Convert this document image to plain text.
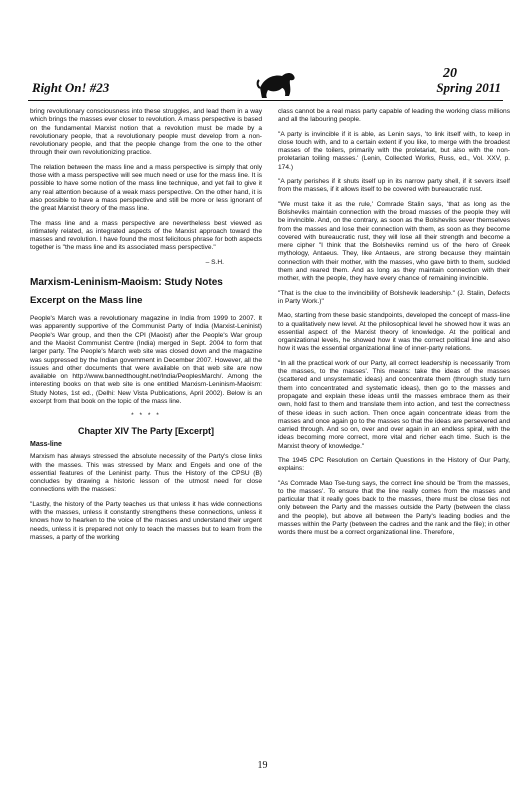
Right On! #23
20
Spring 2011

bring revolutionary consciousness into these struggles, and lead them in a way which brings the masses ever closer to revolution. A mass perspective is based on the fundamental Marxist notion that a revolution must be made by a revolutionary people, that a revolutionary people must develop from a non-revolutionary people, and that the people change from the one to the other through their own revolutionizing practice.

The relation between the mass line and a mass perspective is simply that only those with a mass perspective will see much need or use for the mass line. It is possible to have some notion of the mass line technique, and yet fail to give it any real attention because of a weak mass perspective. On the other hand, it is also possible to have a mass perspective and still be more or less ignorant of the great Marxist theory of the mass line.

The mass line and a mass perspective are nevertheless best viewed as intimately related, as integrated aspects of the Marxist approach toward the masses and revolution. I have found the most felicitous phrase for both aspects together is "the mass line and its associated mass perspective."

– S.H.
Marxism-Leninism-Maoism: Study Notes
Excerpt on the Mass line

People's March was a revolutionary magazine in India from 1999 to 2007. It was apparently supportive of the Communist Party of India (Marxist-Leninist) People's War group, and then the CPI (Maoist) after the People's War group and the Maoist Communist Centre (India) merged in Sept. 2004 to form that larger party. The People's March web site was closed down and the magazine was suppressed by the Indian government in December 2007. However, all the issues and other documents that were available on that web site are now available on http://www.bannedthought.net/India/PeoplesMarch/. Among the interesting books on that web site is one entitled Marxism-Leninism-Maoism: Study Notes, 1st ed., (Delhi: New Vista Publications, April 2002). Below is an excerpt from that book on the topic of the mass line.

* * * *
Chapter XIV The Party [Excerpt]
Mass-line

Marxism has always stressed the absolute necessity of the Party's close links with the masses. This was stressed by Marx and Engels and one of the essential features of the Leninist party. Thus the History of the CPSU (B) concludes by drawing a historic lesson of the utmost need for close connections with the masses:

"Lastly, the history of the Party teaches us that unless it has wide connections with the masses, unless it constantly strengthens these connections, unless it knows how to hearken to the voice of the masses and understand their urgent needs, unless it is prepared not only to teach the masses but to learn from the masses, a party of the working

class cannot be a real mass party capable of leading the working class millions and all the labouring people.

"A party is invincible if it is able, as Lenin says, 'to link itself with, to keep in close touch with, and to a certain extent if you like, to merge with the broadest masses of the toilers, primarily with the proletariat, but also with the non-proletarian toiling masses.' (Lenin, Collected Works, Russ, ed., Vol. XXV, p. 174.)

"A party perishes if it shuts itself up in its narrow party shell, if it severs itself from the masses, if it allows itself to be covered with bureaucratic rust.

"We must take it as the rule,' Comrade Stalin says, 'that as long as the Bolsheviks maintain connection with the broad masses of the people they will be invincible. And, on the contrary, as soon as the Bolsheviks sever themselves from the masses and lose their connection with them, as soon as they become covered with bureaucratic rust, they will lose all their strength and become a mere cipher "I think that the Bolsheviks remind us of the hero of Greek mythology, Antaeus. They, like Antaeus, are strong because they maintain connection with their mother, with the masses, who gave birth to them, suckled them and reared them. And as long as they maintain connection with their mother, with the people, they have every chance of remaining invincible.

"That is the clue to the invincibility of Bolshevik leadership." (J. Stalin, Defects in Party Work.)"

Mao, starting from these basic standpoints, developed the concept of mass-line to a qualitatively new level. At the philosophical level he showed how it was an essential aspect of the Marxist theory of knowledge. At the political and organizational levels, he showed how it was the correct political line and also how it was the essential organizational line of inner-party relations.

"In all the practical work of our Party, all correct leadership is necessarily 'from the masses, to the masses'. This means: take the ideas of the masses (scattered and unsystematic ideas) and concentrate them (through study turn them into concentrated and systematic ideas), then go to the masses and propagate and explain these ideas until the masses embrace them as their own, hold fast to them and translate them into action, and test the correctness of these ideas in such action. Then once again concentrate ideas from the masses and once again go to the masses so that the ideas are persevered and carried through. And so on, over and over again in an endless spiral, with the ideas becoming more correct, more vital and richer each time. Such is the Marxist theory of knowledge."

The 1945 CPC Resolution on Certain Questions in the History of Our Party, explains:

"As Comrade Mao Tse-tung says, the correct line should be 'from the masses, to the masses'. To ensure that the line really comes from the masses and particular that it really goes back to the masses, there must be close ties not only between the Party and the masses outside the Party (between the class and the people), but above all between the Party's leading bodies and the masses within the Party (between the cadres and the rank and the file); in other words there must be a correct organizational line. Therefore,

19
